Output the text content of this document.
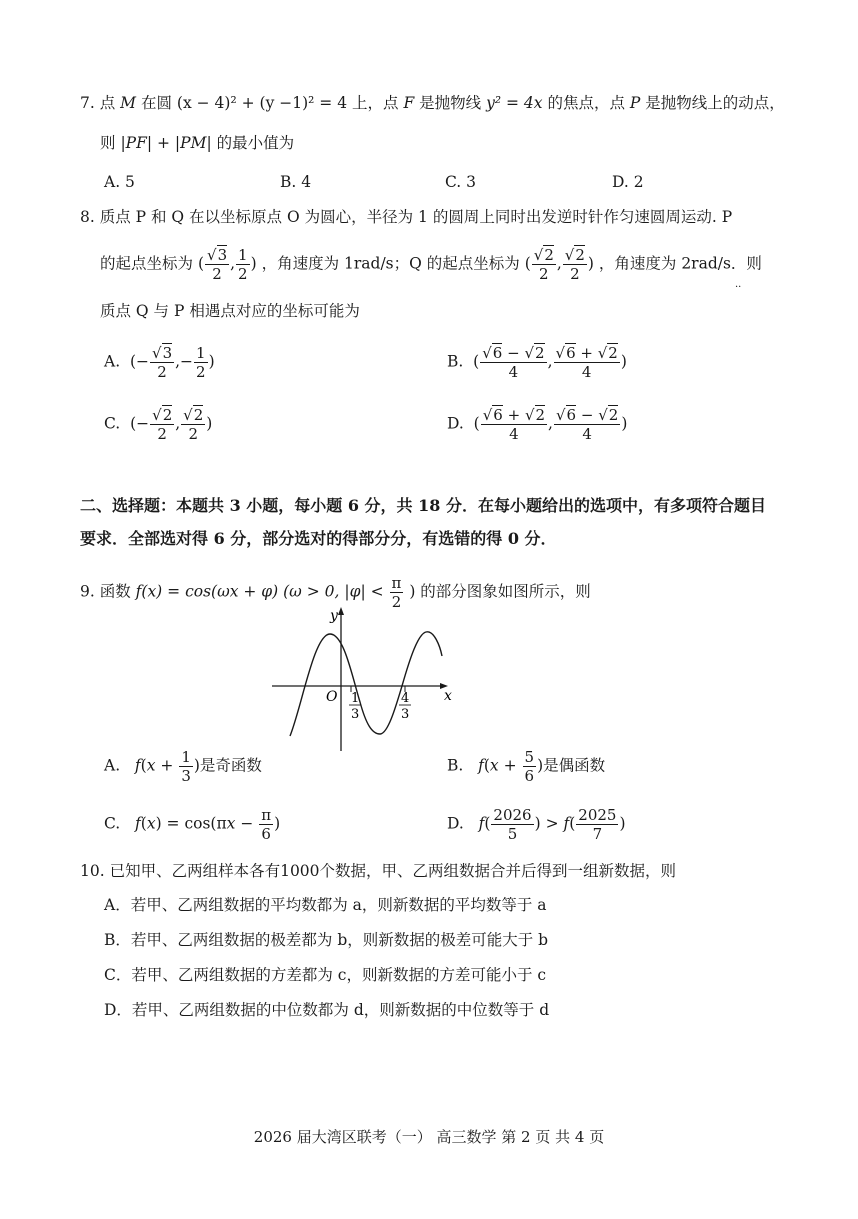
7. 点 M 在圆 (x − 4)² + (y −1)² = 4 上，点 F 是抛物线 y² = 4x 的焦点，点 P 是抛物线上的动点，
则 |PF| + |PM| 的最小值为
A. 5	B. 4	C. 3	D. 2
8. 质点 P 和 Q 在以坐标原点 O 为圆心，半径为 1 的圆周上同时出发逆时针作匀速圆周运动. P
的起点坐标为 ( $\frac{√3}{2}$ , $\frac{1}{2}$ ) ，角速度为 1rad/s；Q 的起点坐标为 ( $\frac{√2}{2}$ , $\frac{√2}{2}$ ) ，角速度为 2rad/s．则
··
质点 Q 与 P 相遇点对应的坐标可能为
A.  (− $\frac{√3}{2}$ ,− $\frac{1}{2}$ )	B.  ( $\frac{√6 - √2}{4}$ , $\frac{√6 + √2}{4}$ )
C.  (− $\frac{√2}{2}$ , $\frac{√2}{2}$ )	D.  ( $\frac{√6 + √2}{4}$ , $\frac{√6 - √2}{4}$ )
二、选择题：本题共 3 小题，每小题 6 分，共 18 分．在每小题给出的选项中，有多项符合题目
要求．全部选对得 6 分，部分选对的得部分分，有选错的得 0 分．
9. 函数 f(x) = cos(ωx + φ) (ω > 0, $|\varphi| < \frac{\pi}{2}$ ) 的部分图象如图所示，则
y
x
O 1
3
4
3
A. $f(x + \frac{1}{3}$ )是奇函数	B. $f(x + \frac{5}{6}$ )是偶函数
C. $f(x) = \cos(\pi x - \frac{\pi}{6}$ )	D. $f( \frac{2026}{5}$ ) > $f( \frac{2025}{7}$ )
10. 已知甲、乙两组样本各有1000个数据，甲、乙两组数据合并后得到一组新数据，则
A．若甲、乙两组数据的平均数都为 a，则新数据的平均数等于 a
B．若甲、乙两组数据的极差都为 b，则新数据的极差可能大于 b
C．若甲、乙两组数据的方差都为 c，则新数据的方差可能小于 c
D．若甲、乙两组数据的中位数都为 d，则新数据的中位数等于 d
2026 届大湾区联考（一） 高三数学 第 2 页 共 4 页
